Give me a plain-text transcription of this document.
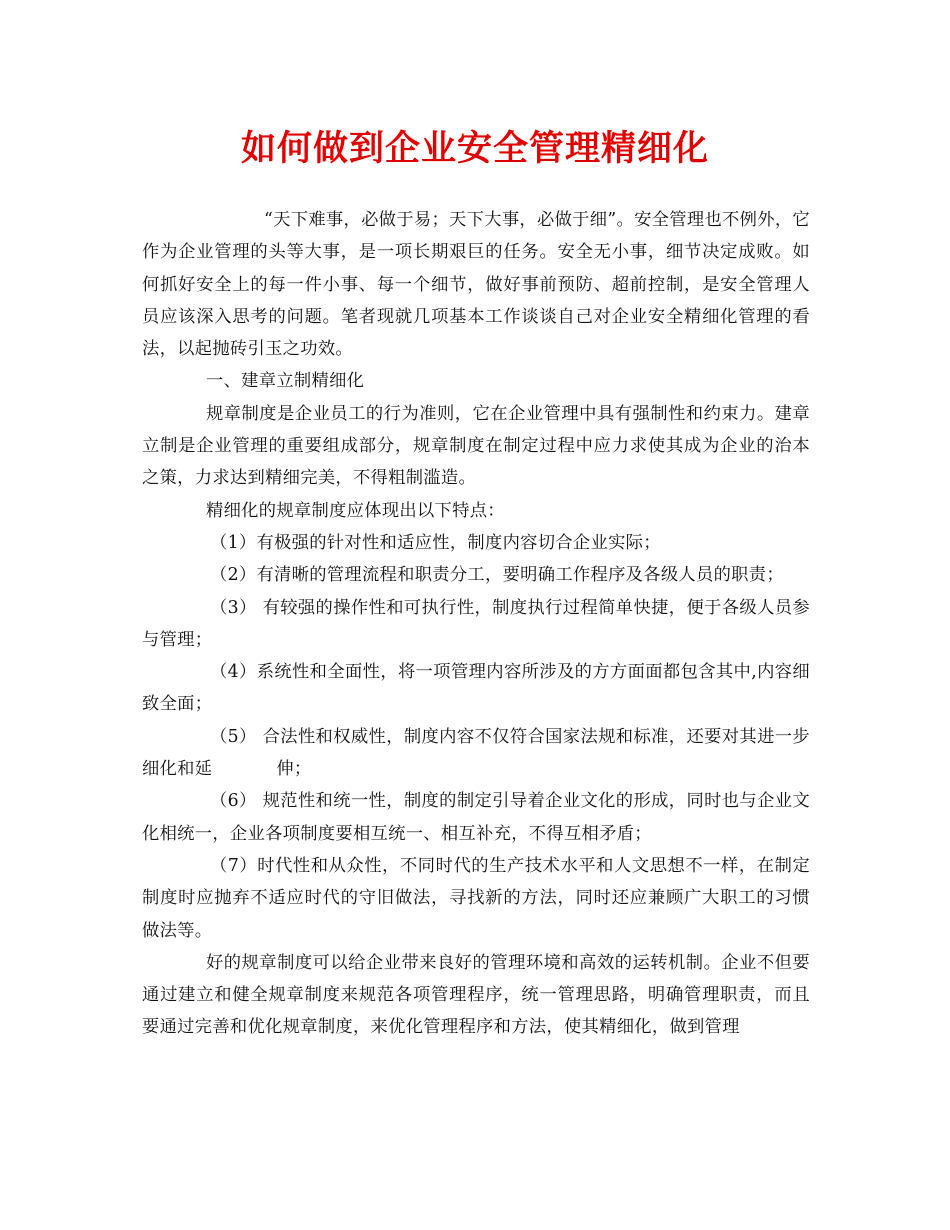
如何做到企业安全管理精细化

“天下难事，必做于易；天下大事，必做于细”。安全管理也不例外，它作为企业管理的头等大事，是一项长期艰巨的任务。安全无小事，细节决定成败。如何抓好安全上的每一件小事、每一个细节，做好事前预防、超前控制，是安全管理人员应该深入思考的问题。笔者现就几项基本工作谈谈自己对企业安全精细化管理的看法，以起抛砖引玉之功效。

一、建章立制精细化

规章制度是企业员工的行为准则，它在企业管理中具有强制性和约束力。建章立制是企业管理的重要组成部分，规章制度在制定过程中应力求使其成为企业的治本之策，力求达到精细完美，不得粗制滥造。

精细化的规章制度应体现出以下特点：

（1）有极强的针对性和适应性，制度内容切合企业实际；

（2）有清晰的管理流程和职责分工，要明确工作程序及各级人员的职责；

（3） 有较强的操作性和可执行性，制度执行过程简单快捷，便于各级人员参与管理；

（4）系统性和全面性，将一项管理内容所涉及的方方面面都包含其中,内容细致全面；

（5） 合法性和权威性，制度内容不仅符合国家法规和标准，还要对其进一步细化和延	伸；

（6） 规范性和统一性，制度的制定引导着企业文化的形成，同时也与企业文化相统一，企业各项制度要相互统一、相互补充，不得互相矛盾；

（7）时代性和从众性，不同时代的生产技术水平和人文思想不一样，在制定制度时应抛弃不适应时代的守旧做法，寻找新的方法，同时还应兼顾广大职工的习惯做法等。

好的规章制度可以给企业带来良好的管理环境和高效的运转机制。企业不但要通过建立和健全规章制度来规范各项管理程序，统一管理思路，明确管理职责，而且要通过完善和优化规章制度，来优化管理程序和方法，使其精细化，做到管理
